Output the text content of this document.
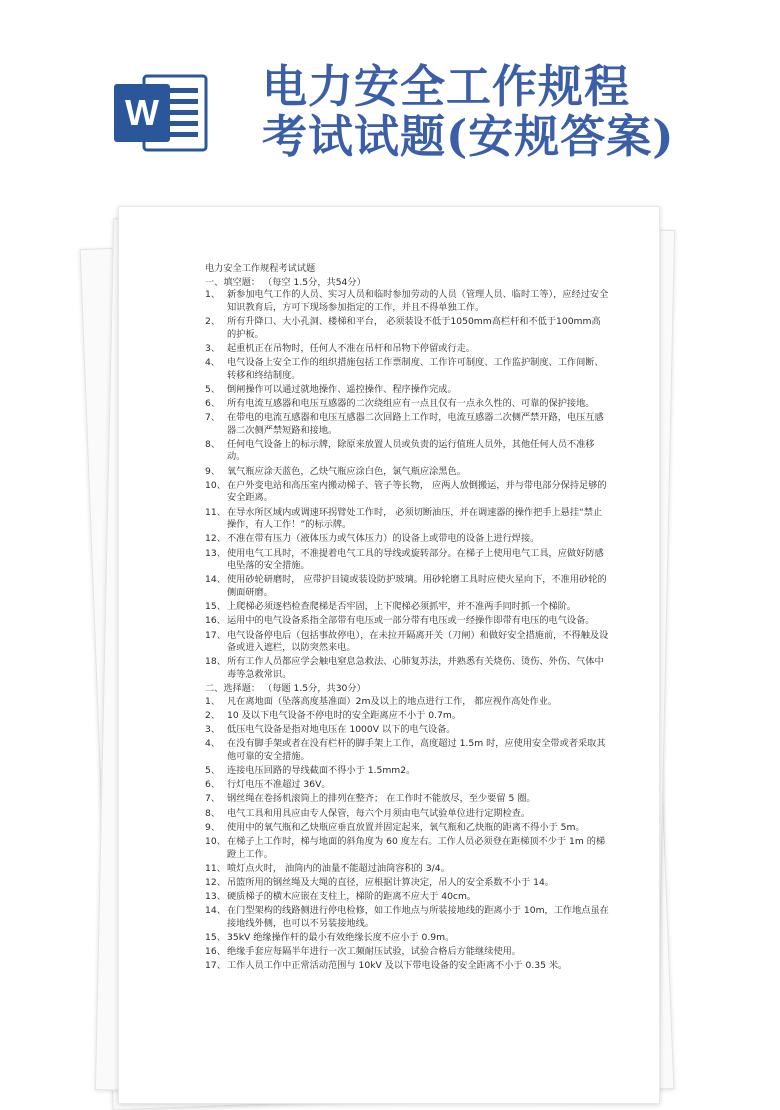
W 电力安全工作规程
考试试题(安规答案)
电力安全工作规程考试试题
一、填空题： （每空 1.5分，共54分）
1、 新参加电气工作的人员、实习人员和临时参加劳动的人员（管理人员、临时工等），应经过安全知识教育后，方可下现场参加指定的工作，并且不得单独工作。
2、 所有升降口、大小孔洞、楼梯和平台， 必须装设不低于1050mm高栏杆和不低于100mm高的护板。
3、 起重机正在吊物时，任何人不准在吊杆和吊物下停留或行走。
4、 电气设备上安全工作的组织措施包括工作票制度、工作许可制度、工作监护制度、工作间断、转移和终结制度。
5、 倒闸操作可以通过就地操作、遥控操作、程序操作完成。
6、 所有电流互感器和电压互感器的二次绕组应有一点且仅有一点永久性的、可靠的保护接地。
7、 在带电的电流互感器和电压互感器二次回路上工作时，电流互感器二次侧严禁开路，电压互感器二次侧严禁短路和接地。
8、 任何电气设备上的标示牌，除原来放置人员或负责的运行值班人员外，其他任何人员不准移动。
9、 氧气瓶应涂天蓝色，乙炔气瓶应涂白色，氯气瓶应涂黑色。
10、 在户外变电站和高压室内搬动梯子、管子等长物， 应两人放倒搬运，并与带电部分保持足够的安全距离。
11、 在导水所区域内或调速环拐臂处工作时， 必须切断油压，并在调速器的操作把手上悬挂“禁止操作，有人工作！”的标示牌。
12、 不准在带有压力（液体压力或气体压力）的设备上或带电的设备上进行焊接。
13、 使用电气工具时，不准提着电气工具的导线或旋转部分。在梯子上使用电气工具，应做好防感电坠落的安全措施。
14、 使用砂轮研磨时， 应带护目镜或装设防护玻璃。用砂轮磨工具时应使火星向下，不准用砂轮的侧面研磨。
15、 上爬梯必须逐档检查爬梯是否牢固，上下爬梯必须抓牢，并不准两手同时抓一个梯阶。
16、 运用中的电气设备系指全部带有电压或一部分带有电压或一经操作即带有电压的电气设备。
17、 电气设备停电后（包括事故停电），在未拉开隔离开关（刀闸）和做好安全措施前，不得触及设备或进入遮栏，以防突然来电。
18、 所有工作人员都应学会触电窒息急救法、心肺复苏法，并熟悉有关烧伤、烫伤、外伤、气体中毒等急救常识。
二、选择题： （每题 1.5分，共30分）
1、 凡在离地面（坠落高度基准面）2m及以上的地点进行工作， 都应视作高处作业。
2、 10 及以下电气设备不停电时的安全距离应不小于 0.7m。
3、 低压电气设备是指对地电压在 1000V 以下的电气设备。
4、 在没有脚手架或者在没有栏杆的脚手架上工作，高度超过 1.5m 时，应使用安全带或者采取其他可靠的安全措施。
5、 连接电压回路的导线截面不得小于 1.5mm2。
6、 行灯电压不准超过 36V。
7、 钢丝绳在卷扬机滚筒上的排列在整齐； 在工作时不能放尽，至少要留 5 圈。
8、 电气工具和用具应由专人保管，每六个月须由电气试验单位进行定期检查。
9、 使用中的氧气瓶和乙炔瓶应垂直放置并固定起来，氧气瓶和乙炔瓶的距离不得小于 5m。
10、 在梯子上工作时，梯与地面的斜角度为 60 度左右。工作人员必须登在距梯顶不少于 1m 的梯蹬上工作。
11、 喷灯点火时， 油筒内的油量不能超过油筒容积的 3/4。
12、 吊篮所用的钢丝绳及大绳的直径，应根据计算决定，吊人的安全系数不小于 14。
13、 硬质梯子的横木应嵌在支柱上，梯阶的距离不应大于 40cm。
14、 在门型架构的线路侧进行停电检修，如工作地点与所装接地线的距离小于 10m，工作地点虽在接地线外侧，也可以不另装接地线。
15、 35kV 绝缘操作杆的最小有效绝缘长度不应小于 0.9m。
16、 绝缘手套应每隔半年进行一次工频耐压试验，试验合格后方能继续使用。
17、 工作人员工作中正常活动范围与 10kV 及以下带电设备的安全距离不小于 0.35 米。
